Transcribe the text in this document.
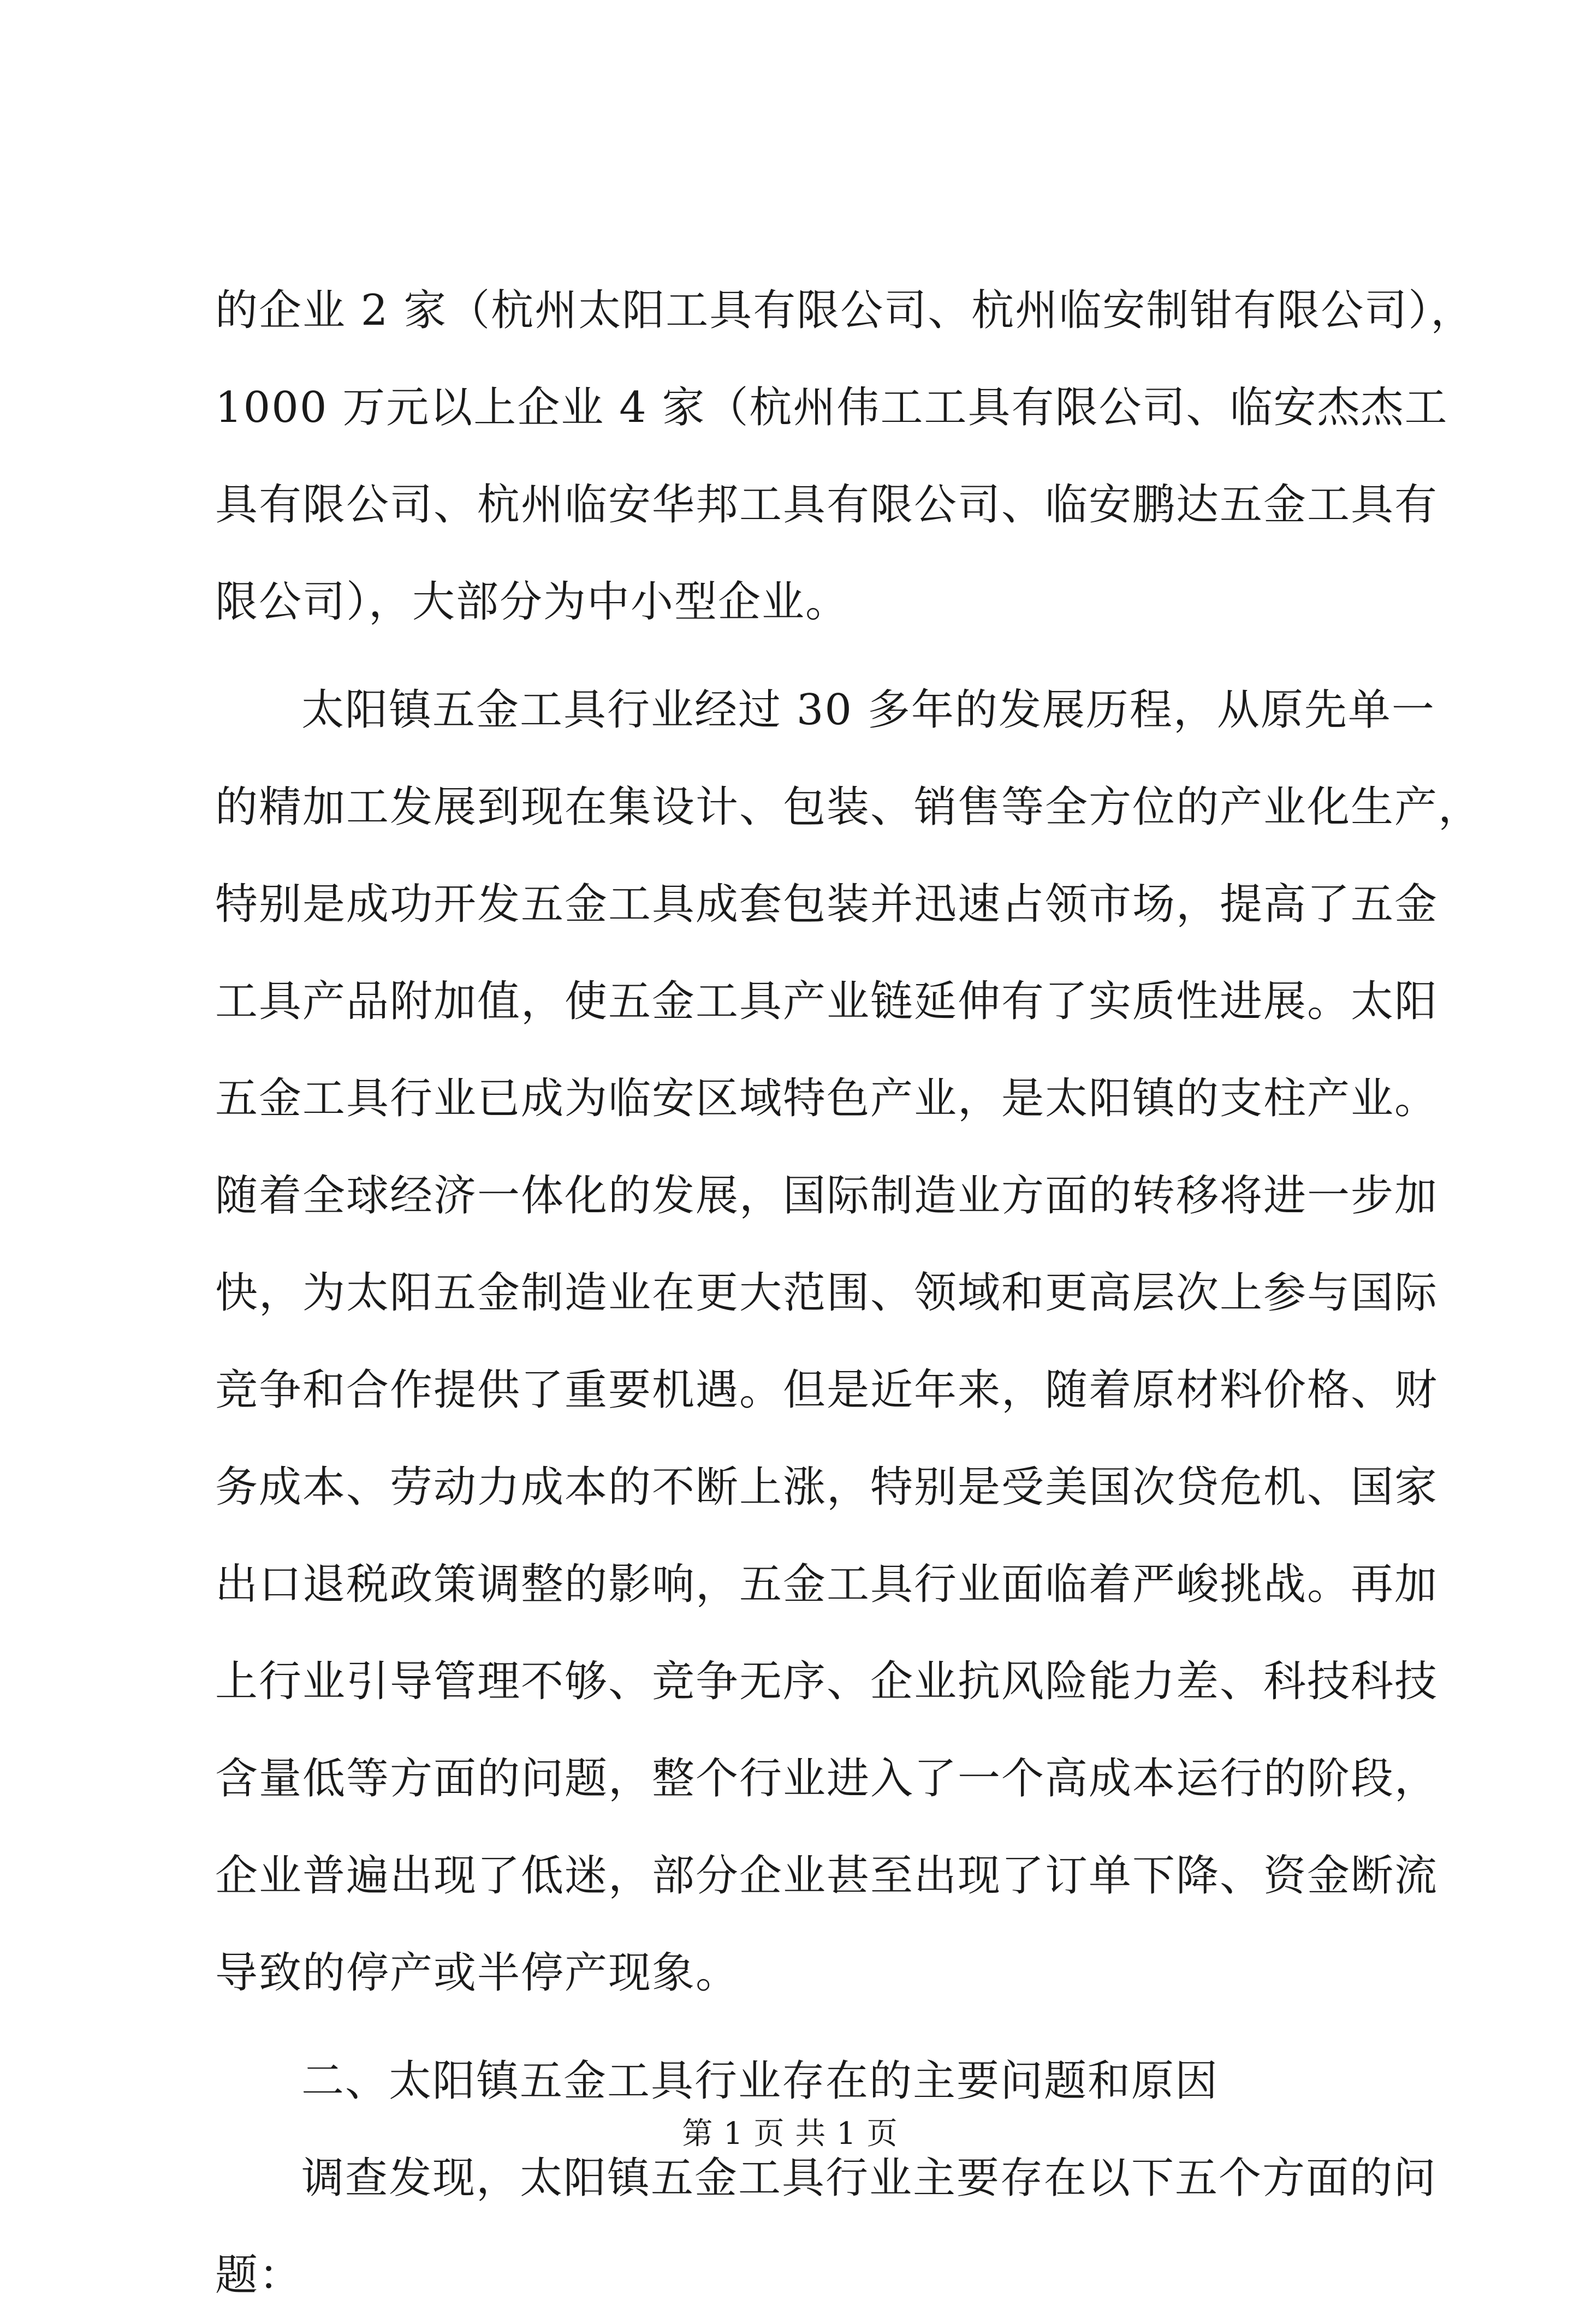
的企业 2 家（杭州太阳工具有限公司、杭州临安制钳有限公司），
1000 万元以上企业 4 家（杭州伟工工具有限公司、临安杰杰工
具有限公司、杭州临安华邦工具有限公司、临安鹏达五金工具有
限公司），大部分为中小型企业。
太阳镇五金工具行业经过 30 多年的发展历程，从原先单一
的精加工发展到现在集设计、包装、销售等全方位的产业化生产，
特别是成功开发五金工具成套包装并迅速占领市场，提高了五金
工具产品附加值，使五金工具产业链延伸有了实质性进展。太阳
五金工具行业已成为临安区域特色产业，是太阳镇的支柱产业。
随着全球经济一体化的发展，国际制造业方面的转移将进一步加
快，为太阳五金制造业在更大范围、领域和更高层次上参与国际
竞争和合作提供了重要机遇。但是近年来，随着原材料价格、财
务成本、劳动力成本的不断上涨，特别是受美国次贷危机、国家
出口退税政策调整的影响，五金工具行业面临着严峻挑战。再加
上行业引导管理不够、竞争无序、企业抗风险能力差、科技科技
含量低等方面的问题，整个行业进入了一个高成本运行的阶段，
企业普遍出现了低迷，部分企业甚至出现了订单下降、资金断流
导致的停产或半停产现象。
二、太阳镇五金工具行业存在的主要问题和原因
调查发现，太阳镇五金工具行业主要存在以下五个方面的问
题：
第 1 页 共 1 页
